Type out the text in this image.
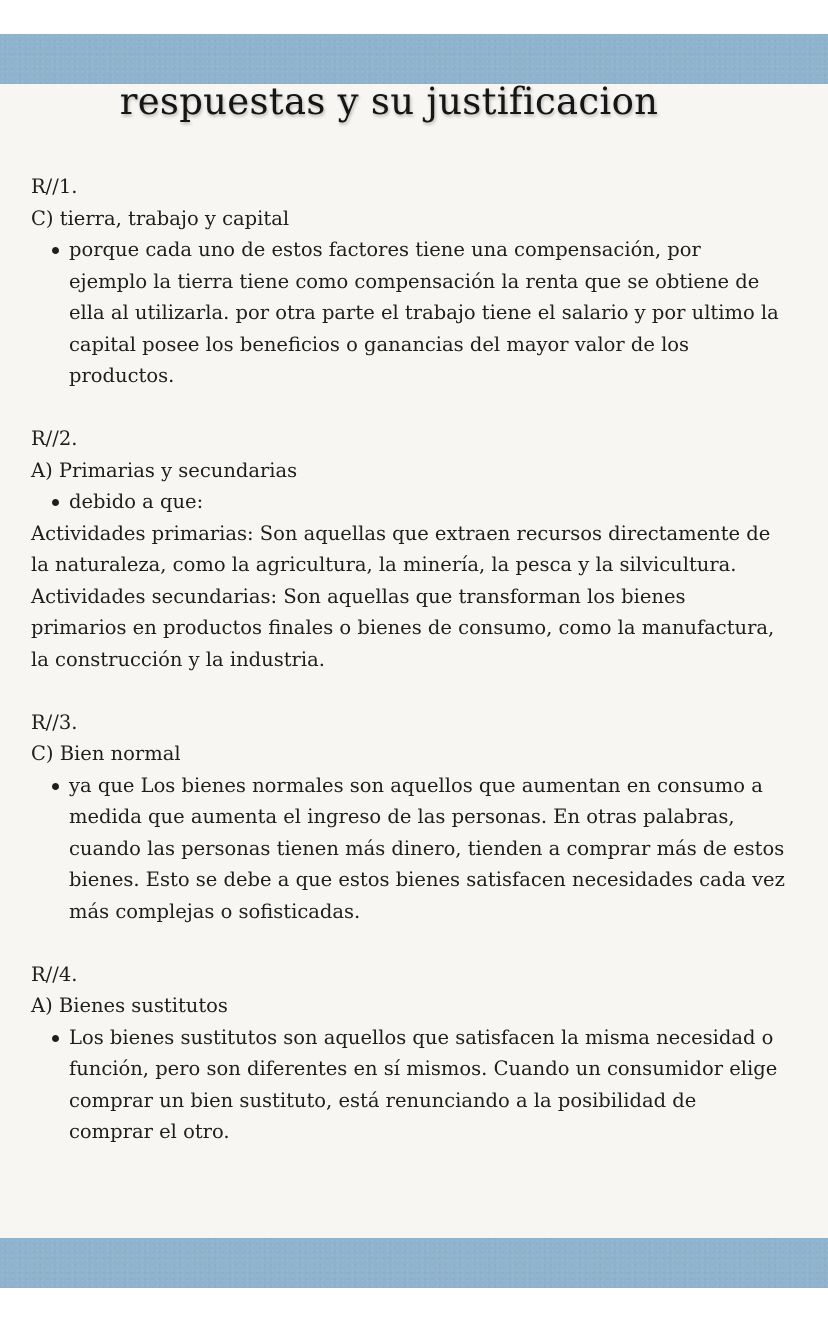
respuestas y su justificacion
R//1.
C) tierra, trabajo y capital
porque cada uno de estos factores tiene una compensación, por
ejemplo la tierra tiene como compensación la renta que se obtiene de
ella al utilizarla. por otra parte el trabajo tiene el salario y por ultimo la
capital posee los beneficios o ganancias del mayor valor de los
productos.
R//2.
A) Primarias y secundarias
debido a que:
Actividades primarias: Son aquellas que extraen recursos directamente de
la naturaleza, como la agricultura, la minería, la pesca y la silvicultura.
Actividades secundarias: Son aquellas que transforman los bienes
primarios en productos finales o bienes de consumo, como la manufactura,
la construcción y la industria.
R//3.
C) Bien normal
ya que Los bienes normales son aquellos que aumentan en consumo a
medida que aumenta el ingreso de las personas. En otras palabras,
cuando las personas tienen más dinero, tienden a comprar más de estos
bienes. Esto se debe a que estos bienes satisfacen necesidades cada vez
más complejas o sofisticadas.
R//4.
A) Bienes sustitutos
Los bienes sustitutos son aquellos que satisfacen la misma necesidad o
función, pero son diferentes en sí mismos. Cuando un consumidor elige
comprar un bien sustituto, está renunciando a la posibilidad de
comprar el otro.
